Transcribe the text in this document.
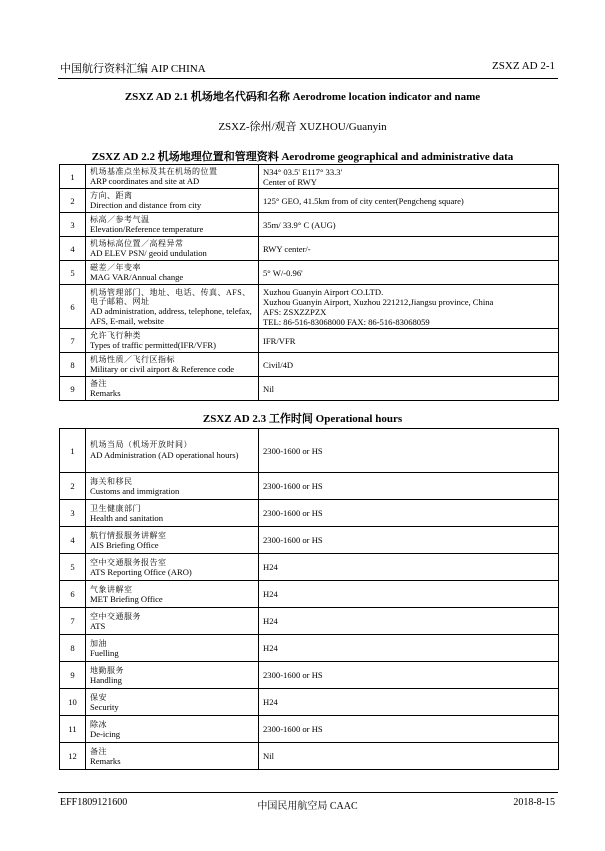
中国航行资料汇编 AIP CHINA	ZSXZ AD 2-1
ZSXZ AD 2.1 机场地名代码和名称 Aerodrome location indicator and name
ZSXZ-徐州/观音 XUZHOU/Guanyin
ZSXZ AD 2.2 机场地理位置和管理资料 Aerodrome geographical and administrative data
1	机场基准点坐标及其在机场的位置
ARP coordinates and site at AD	N34° 03.5' E117° 33.3'
Center of RWY

2	方向、距离
Direction and distance from city	125° GEO, 41.5km from of city center(Pengcheng square)
3	标高／参考气温
Elevation/Reference temperature	35m/ 33.9° C (AUG)
4	机场标高位置／高程异常
AD ELEV PSN/ geoid undulation	RWY center/-
5	磁差／年变率
MAG VAR/Annual change	5° W/-0.96'
6	机场管理部门、地址、电话、传真、AFS、电子邮箱、网址
AD administration, address, telephone, telefax, AFS, E-mail, website	Xuzhou Guanyin Airport CO.LTD.
Xuzhou Guanyin Airport, Xuzhou 221212,Jiangsu province, China
AFS: ZSXZZPZX
TEL: 86-516-83068000 FAX: 86-516-83068059

7	允许飞行种类
Types of traffic permitted(IFR/VFR)	IFR/VFR
8	机场性质／飞行区指标
Military or civil airport & Reference code	Civil/4D
9	备注
Remarks	Nil
ZSXZ AD 2.3 工作时间 Operational hours
1	机场当局（机场开放时间）
AD Administration (AD operational hours)	2300-1600 or HS
2	海关和移民
Customs and immigration	2300-1600 or HS
3	卫生健康部门
Health and sanitation	2300-1600 or HS
4	航行情报服务讲解室
AIS Briefing Office	2300-1600 or HS
5	空中交通服务报告室
ATS Reporting Office (ARO)	H24
6	气象讲解室
MET Briefing Office	H24
7	空中交通服务
ATS	H24
8	加油
Fuelling	H24
9	地勤服务
Handling	2300-1600 or HS
10	保安
Security	H24
11	除冰
De-icing	2300-1600 or HS
12	备注
Remarks	Nil
EFF1809121600	中国民用航空局 CAAC	2018-8-15
